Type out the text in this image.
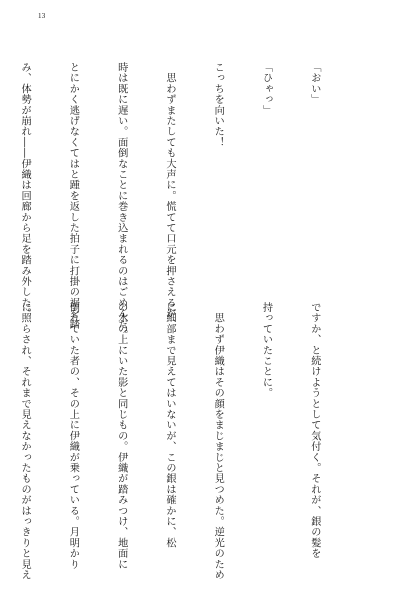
13

「おい」

「ひゃっ」

こっちを向いた！

　思わずまたしても大声に。慌てて口元を押さえるが、

時は既に遅い。面倒なことに巻き込まれるのはごめんだ。

とにかく逃げなくてはと踵を返した拍子に打掛の裾を踏

み、体勢が崩れ――伊織は回廊から足を踏み外した。

ですか、と続けようとして気付く。それが、銀の髪を

持っていたことに。

　思わず伊織はその顔をまじまじと見つめた。逆光のため

に細部まで見えてはいないが、この銀は確かに、松

の木の上にいた影と同じもの。伊織が踏みつけ、地面に

倒れていた者の、その上に伊織が乗っている。月明かり

に照らされ、それまで見えなかったものがはっきりと見え
